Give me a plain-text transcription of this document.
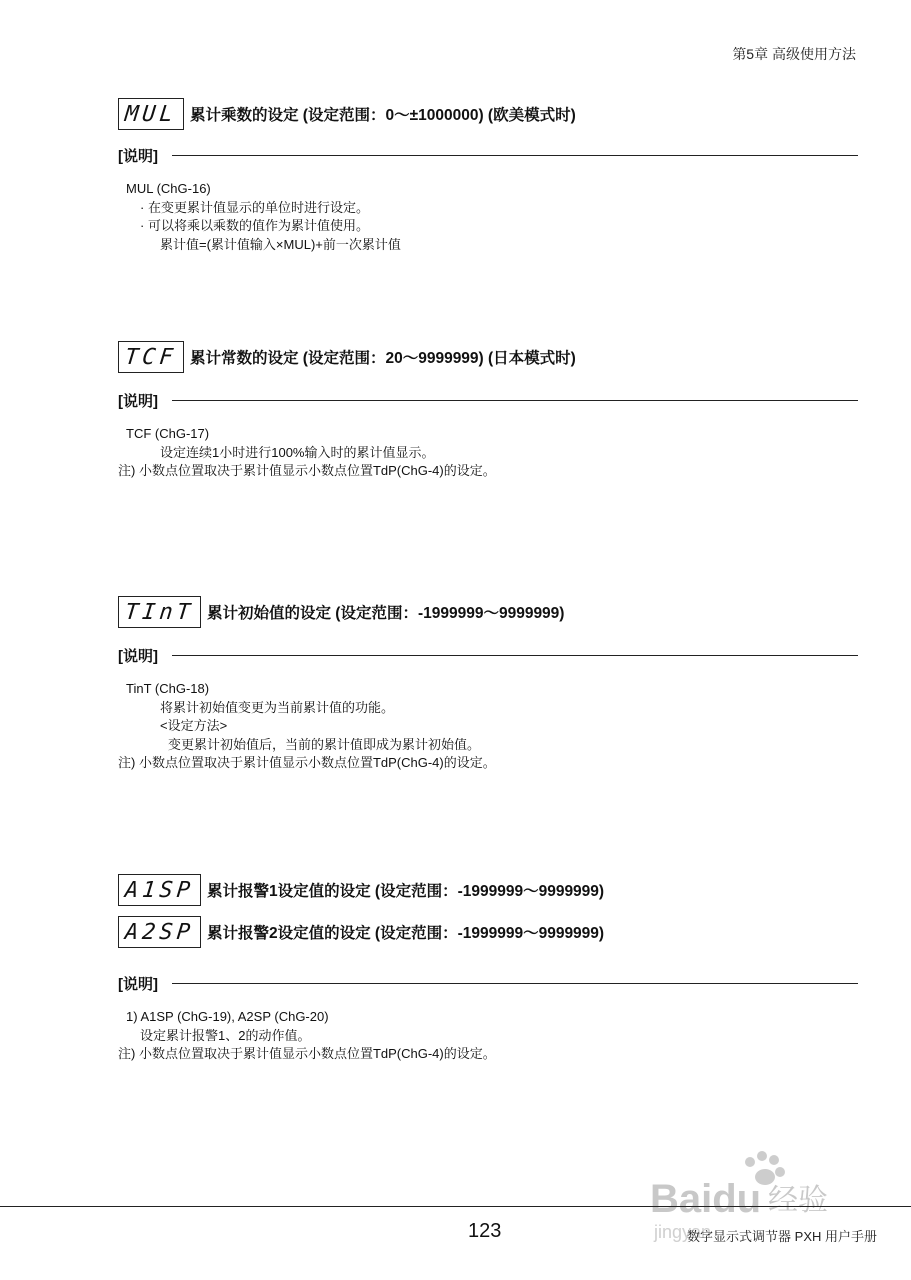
第5章 高级使用方法
MUL 累计乘数的设定 (设定范围：0～±1000000) (欧美模式时)
[说明]
MUL (ChG-16)
· 在变更累计值显示的单位时进行设定。
· 可以将乘以乘数的值作为累计值使用。
累计值=(累计值输入×MUL)+前一次累计值
TCF 累计常数的设定 (设定范围：20～9999999) (日本模式时)
[说明]
TCF (ChG-17)
设定连续1小时进行100%输入时的累计值显示。
注) 小数点位置取决于累计值显示小数点位置TdP(ChG-4)的设定。
TInT 累计初始值的设定 (设定范围：-1999999～9999999)
[说明]
TinT (ChG-18)
将累计初始值变更为当前累计值的功能。
<设定方法>
变更累计初始值后，当前的累计值即成为累计初始值。
注) 小数点位置取决于累计值显示小数点位置TdP(ChG-4)的设定。
A1SP 累计报警1设定值的设定 (设定范围：-1999999～9999999)
A2SP 累计报警2设定值的设定 (设定范围：-1999999～9999999)
[说明]
1) A1SP (ChG-19), A2SP (ChG-20)
设定累计报警1、2的动作值。
注) 小数点位置取决于累计值显示小数点位置TdP(ChG-4)的设定。
Baidu 经验
jingyan
123	数字显示式调节器 PXH 用户手册
